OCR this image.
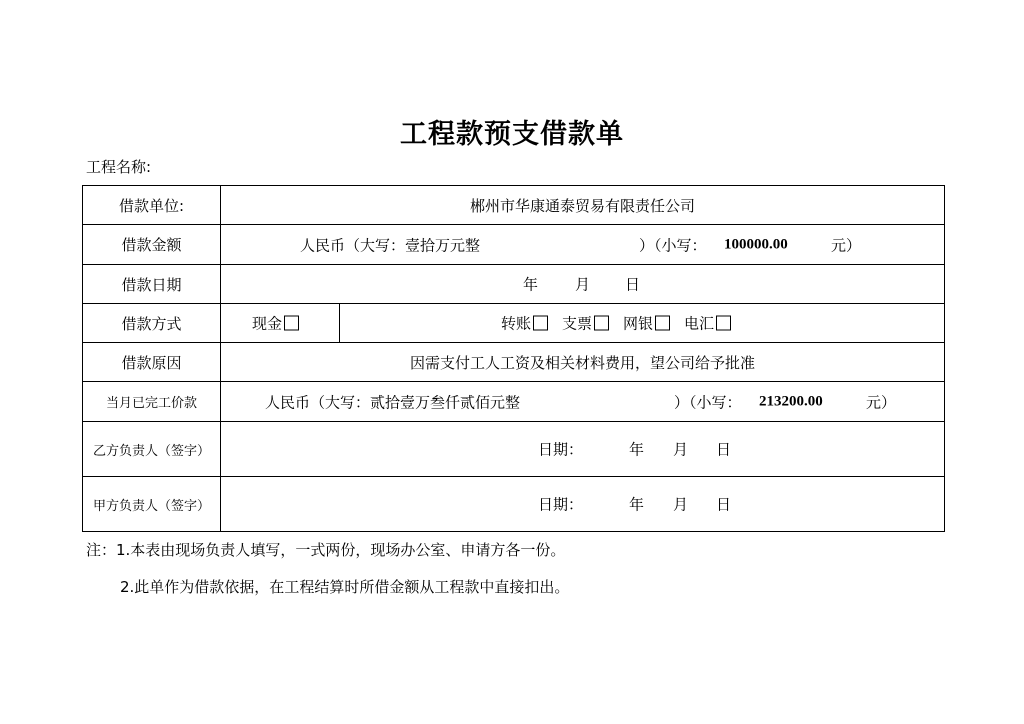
工程款预支借款单
工程名称:
借款单位:	郴州市华康通泰贸易有限责任公司	
借款金额	人民币（大写：壹拾万元整 ）（小写： 100000.00 元）	

借款日期	年 月 日	

借款方式	现金	转账 支票 网银 电汇

借款原因	因需支付工人工资及相关材料费用，望公司给予批准	
当月已完工价款	人民币（大写：贰拾壹万叁仟贰佰元整 ）（小写： 213200.00 元）	

乙方负责人（签字）	日期： 年 月 日	

甲方负责人（签字）	日期： 年 月 日	
注：1.本表由现场负责人填写，一式两份，现场办公室、申请方各一份。
2.此单作为借款依据，在工程结算时所借金额从工程款中直接扣出。
